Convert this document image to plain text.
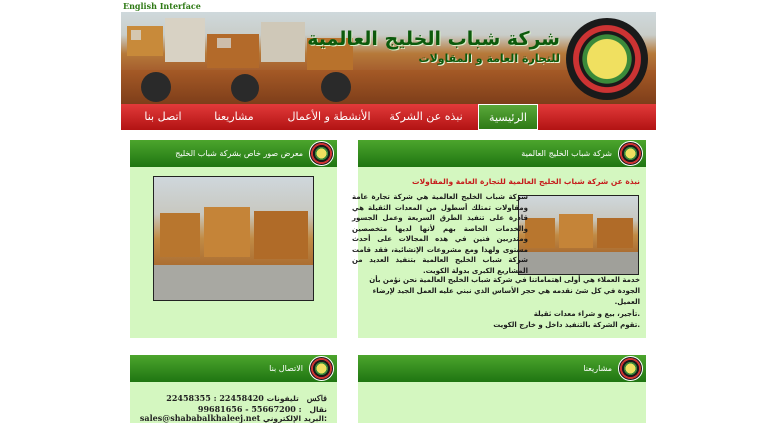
English Interface
شركة شباب الخليج العالمية
للتجارة العامة و المقاولات
الرئيسية
نبذه عن الشركة
الأنشطة و الأعمال
مشاريعنا
اتصل بنا
شركة شباب الخليج العالمية
نبذة عن شركة شباب الخليج العالمية للتجارة العامة والمقاولات
شركة شباب الخليج العالمية هي شركة تجارة عامة ومقاولات تمتلك أسطول من المعدات الثقيلة هي قادرة على تنفيذ الطرق السريعة وعمل الجسور والخدمات الخاصة بهم لأنها لديها متخصصين ومتدربين فنين في هذه المجالات على أحدث مستوى ولهذا ومع مشروعات الإنشائية، فقد قامت شركة شباب الخليج العالمية بتنفيذ العديد من المشاريع الكبرى بدولة الكويت.
خدمة العملاء هي أولى اهتماماتنا في شركة شباب الخليج العالمية نحن نؤمن بأن الجودة في كل شئ نقدمه هي حجر الأساس الذي نبني عليه العمل الجيد لإرضاء العميل.
.تأجير، بيع و شراء معدات ثقيلة
.تقوم الشركة بالتنفيذ داخل و خارج الكويت
معرض صور خاص بشركة شباب الخليج
الاتصال بنا
22458355 : 22458420 فاكس   تليفونات
99681656 - 55667200 : نقال
sales@shababalkhaleej.net البريد الإلكتروني:
مشاريعنا
